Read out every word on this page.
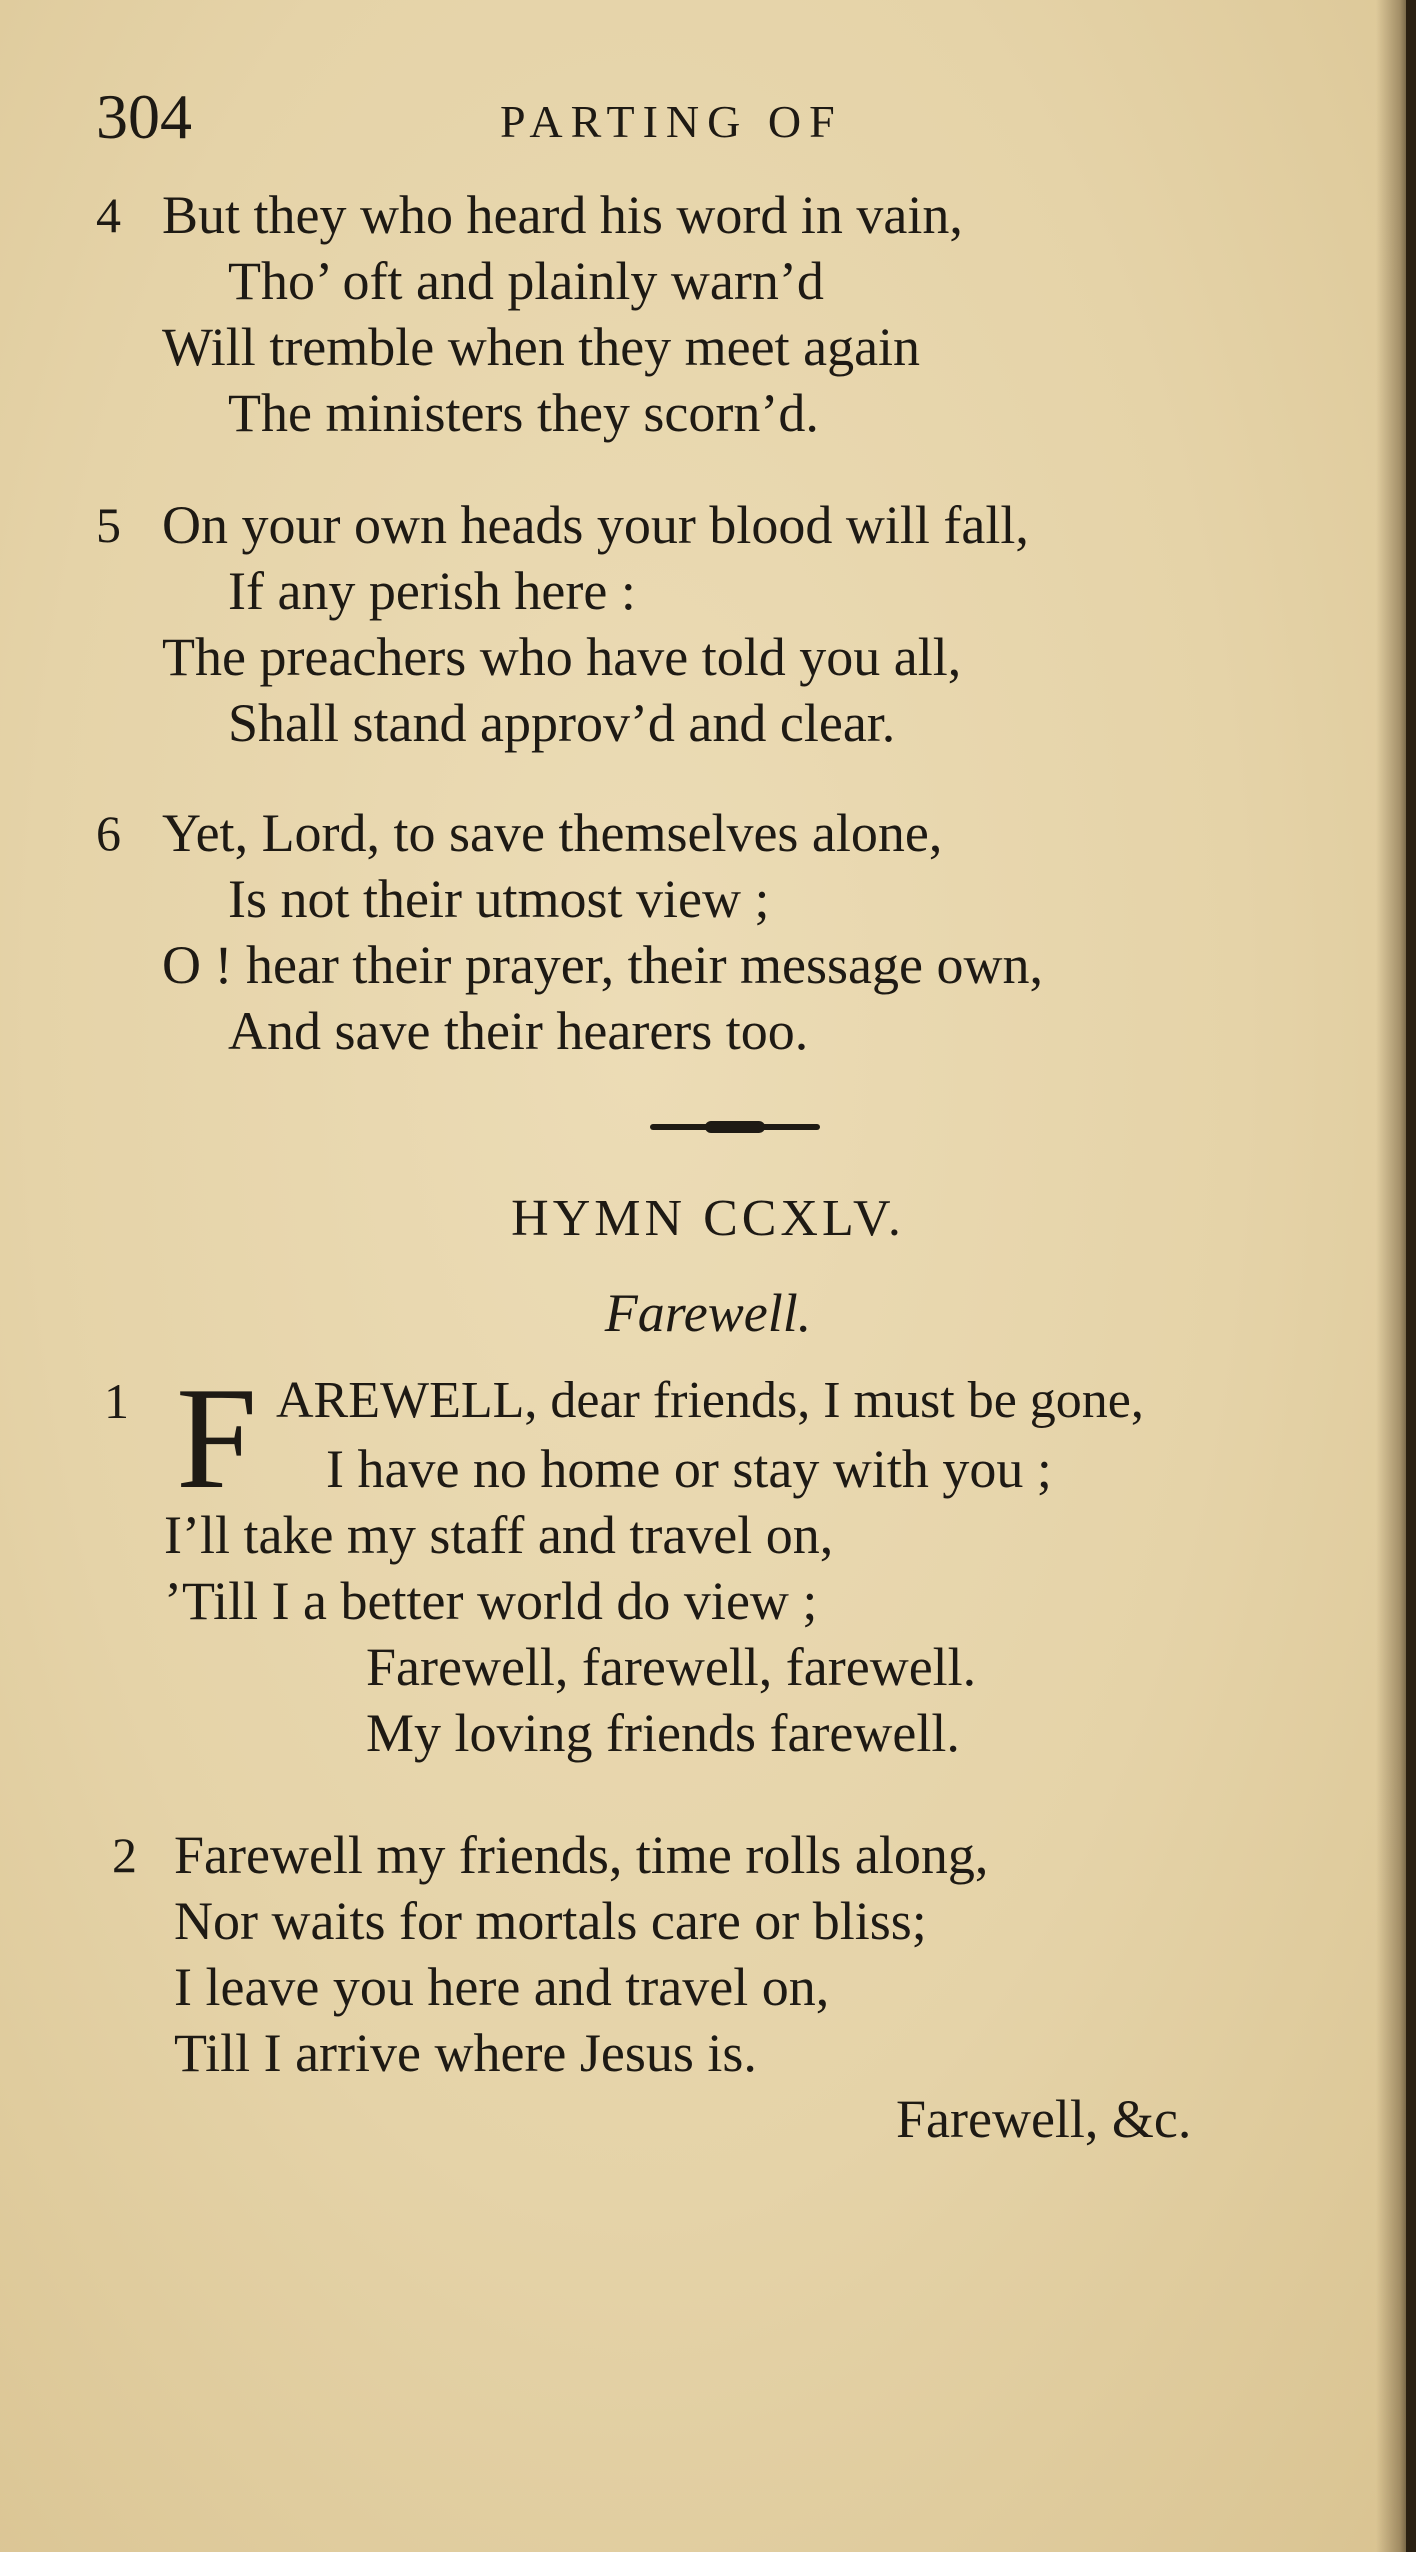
304	PARTING OF
4 But they who heard his word in vain,
Tho’ oft and plainly warn’d
Will tremble when they meet again
The ministers they scorn’d.
5 On your own heads your blood will fall,
If any perish here :
The preachers who have told you all,
Shall stand approv’d and clear.
6 Yet, Lord, to save themselves alone,
Is not their utmost view ;
O ! hear their prayer, their message own,
And save their hearers too.
HYMN CCXLV.
Farewell.
1 F AREWELL, dear friends, I must be gone,
I have no home or stay with you ;
I’ll take my staff and travel on,
’Till I a better world do view ;
Farewell, farewell, farewell.
My loving friends farewell.
2 Farewell my friends, time rolls along,
Nor waits for mortals care or bliss;
I leave you here and travel on,
Till I arrive where Jesus is.
Farewell, &c.
